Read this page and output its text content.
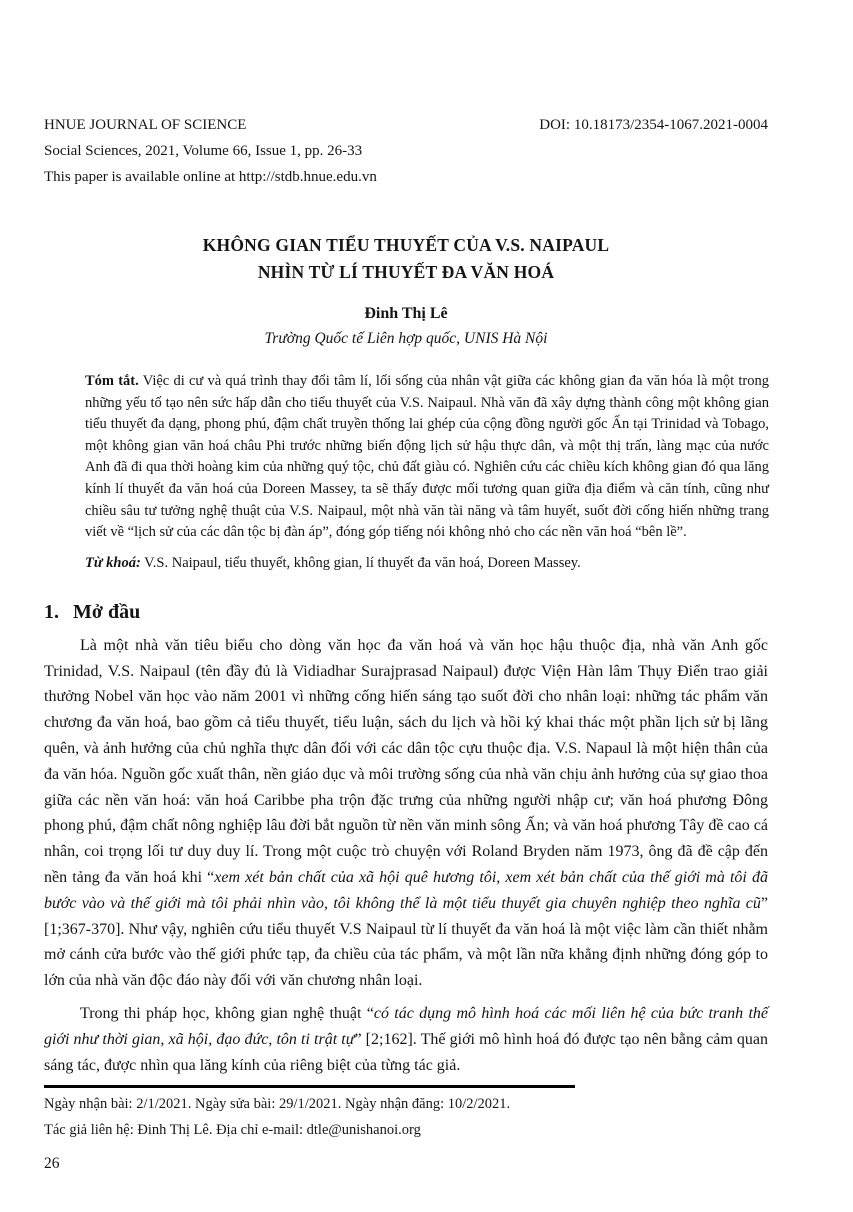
HNUE JOURNAL OF SCIENCE	DOI: 10.18173/2354-1067.2021-0004
Social Sciences, 2021, Volume 66, Issue 1, pp. 26-33
This paper is available online at http://stdb.hnue.edu.vn
KHÔNG GIAN TIỂU THUYẾT CỦA V.S. NAIPAUL
NHÌN TỪ LÍ THUYẾT ĐA VĂN HOÁ
Đinh Thị Lê
Trường Quốc tế Liên hợp quốc, UNIS Hà Nội
Tóm tắt. Việc di cư và quá trình thay đổi tâm lí, lối sống của nhân vật giữa các không gian đa văn hóa là một trong những yếu tố tạo nên sức hấp dẫn cho tiểu thuyết của V.S. Naipaul. Nhà văn đã xây dựng thành công một không gian tiểu thuyết đa dạng, phong phú, đậm chất truyền thống lai ghép của cộng đồng người gốc Ấn tại Trinidad và Tobago, một không gian văn hoá châu Phi trước những biến động lịch sử hậu thực dân, và một thị trấn, làng mạc của nước Anh đã đi qua thời hoàng kim của những quý tộc, chủ đất giàu có. Nghiên cứu các chiều kích không gian đó qua lăng kính lí thuyết đa văn hoá của Doreen Massey, ta sẽ thấy được mối tương quan giữa địa điểm và căn tính, cũng như chiều sâu tư tưởng nghệ thuật của V.S. Naipaul, một nhà văn tài năng và tâm huyết, suốt đời cống hiến những trang viết về “lịch sử của các dân tộc bị đàn áp”, đóng góp tiếng nói không nhỏ cho các nền văn hoá “bên lề”.
Từ khoá: V.S. Naipaul, tiểu thuyết, không gian, lí thuyết đa văn hoá, Doreen Massey.
1. Mở đầu
Là một nhà văn tiêu biểu cho dòng văn học đa văn hoá và văn học hậu thuộc địa, nhà văn Anh gốc Trinidad, V.S. Naipaul (tên đầy đủ là Vidiadhar Surajprasad Naipaul) được Viện Hàn lâm Thụy Điển trao giải thưởng Nobel văn học vào năm 2001 vì những cống hiến sáng tạo suốt đời cho nhân loại: những tác phẩm văn chương đa văn hoá, bao gồm cả tiểu thuyết, tiểu luận, sách du lịch và hồi ký khai thác một phần lịch sử bị lãng quên, và ảnh hưởng của chủ nghĩa thực dân đối với các dân tộc cựu thuộc địa. V.S. Napaul là một hiện thân của đa văn hóa. Nguồn gốc xuất thân, nền giáo dục và môi trường sống của nhà văn chịu ảnh hưởng của sự giao thoa giữa các nền văn hoá: văn hoá Caribbe pha trộn đặc trưng của những người nhập cư; văn hoá phương Đông phong phú, đậm chất nông nghiệp lâu đời bắt nguồn từ nền văn minh sông Ấn; và văn hoá phương Tây đề cao cá nhân, coi trọng lối tư duy duy lí. Trong một cuộc trò chuyện với Roland Bryden năm 1973, ông đã đề cập đến nền tảng đa văn hoá khi “xem xét bản chất của xã hội quê hương tôi, xem xét bản chất của thế giới mà tôi đã bước vào và thế giới mà tôi phải nhìn vào, tôi không thể là một tiểu thuyết gia chuyên nghiệp theo nghĩa cũ” [1;367-370]. Như vậy, nghiên cứu tiểu thuyết V.S Naipaul từ lí thuyết đa văn hoá là một việc làm cần thiết nhằm mở cánh cửa bước vào thế giới phức tạp, đa chiều của tác phẩm, và một lần nữa khẳng định những đóng góp to lớn của nhà văn độc đáo này đối với văn chương nhân loại.
Trong thi pháp học, không gian nghệ thuật “có tác dụng mô hình hoá các mối liên hệ của bức tranh thế giới như thời gian, xã hội, đạo đức, tôn ti trật tự” [2;162]. Thế giới mô hình hoá đó được tạo nên bằng cảm quan sáng tác, được nhìn qua lăng kính của riêng biệt của từng tác giả.
Ngày nhận bài: 2/1/2021. Ngày sửa bài: 29/1/2021. Ngày nhận đăng: 10/2/2021.
Tác giả liên hệ: Đinh Thị Lê. Địa chỉ e-mail: dtle@unishanoi.org
26
